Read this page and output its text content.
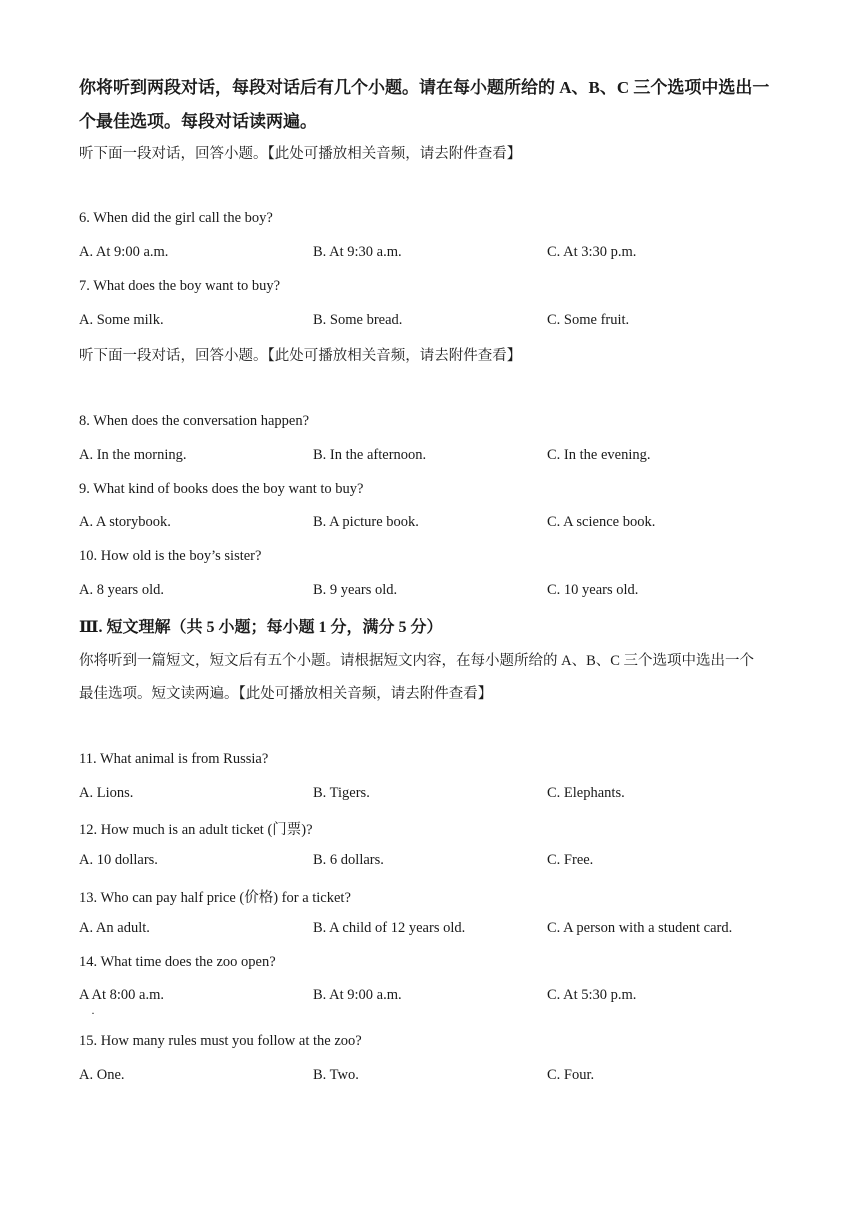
你将听到两段对话，每段对话后有几个小题。请在每小题所给的 A、B、C 三个选项中选出一
个最佳选项。每段对话读两遍。
听下面一段对话，回答小题。【此处可播放相关音频，请去附件查看】
6. When did the girl call the boy?
A. At 9:00 a.m.	B. At 9:30 a.m.	C. At 3:30 p.m.
7. What does the boy want to buy?
A. Some milk.	B. Some bread.	C. Some fruit.
听下面一段对话，回答小题。【此处可播放相关音频，请去附件查看】
8. When does the conversation happen?
A. In the morning.	B. In the afternoon.	C. In the evening.
9. What kind of books does the boy want to buy?
A. A storybook.	B. A picture book.	C. A science book.
10. How old is the boy’s sister?
A. 8 years old.	B. 9 years old.	C. 10 years old.
Ⅲ. 短文理解（共 5 小题；每小题 1 分，满分 5 分）
你将听到一篇短文，短文后有五个小题。请根据短文内容，在每小题所给的 A、B、C 三个选项中选出一个
最佳选项。短文读两遍。【此处可播放相关音频，请去附件查看】
11. What animal is from Russia?
A. Lions.	B. Tigers.	C. Elephants.
12. How much is an adult ticket (门票)?
A. 10 dollars.	B. 6 dollars.	C. Free.
13. Who can pay half price (价格) for a ticket?
A. An adult.	B. A child of 12 years old.	C. A person with a student card.
14. What time does the zoo open?
A At 8:00 a.m.	B. At 9:00 a.m.	C. At 5:30 p.m.
·
15. How many rules must you follow at the zoo?
A. One.	B. Two.	C. Four.
